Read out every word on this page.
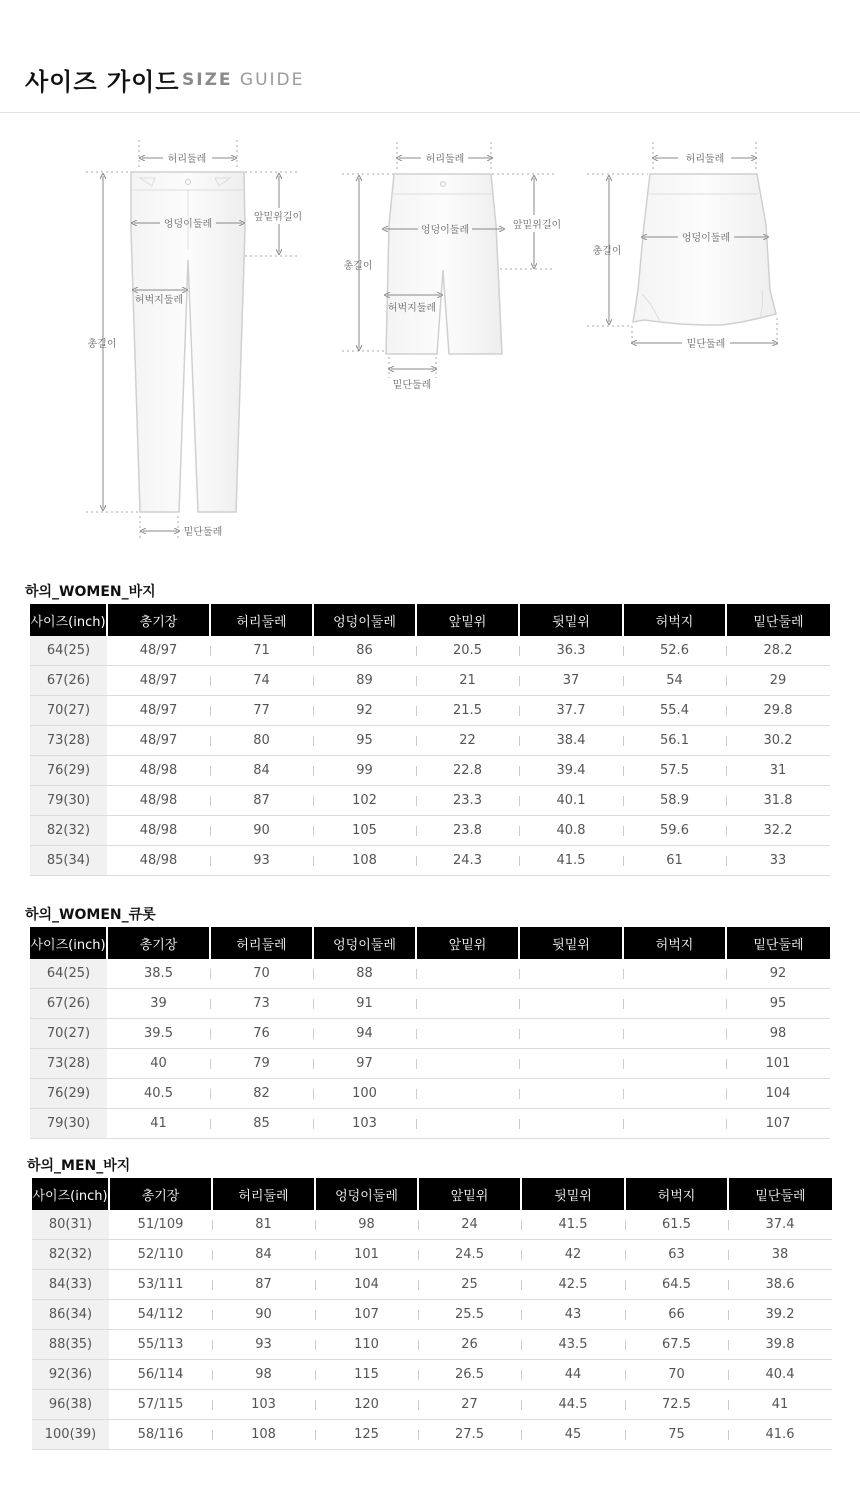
사이즈 가이드 SIZE GUIDE
허리둘레
엉덩이둘레
앞밑위길이
허벅지둘레
총길이
밑단둘레
허리둘레
엉덩이둘레	앞밑위길이
허벅지둘레
총길이
밑단둘레
허리둘레
엉덩이둘레
총길이
밑단둘레
하의_WOMEN_바지
사이즈(inch)	총기장	허리둘레	엉덩이둘레	앞밑위	뒷밑위	허벅지	밑단둘레
64(25)	48/97	71	86	20.5	36.3	52.6	28.2
67(26)	48/97	74	89	21	37	54	29
70(27)	48/97	77	92	21.5	37.7	55.4	29.8
73(28)	48/97	80	95	22	38.4	56.1	30.2
76(29)	48/98	84	99	22.8	39.4	57.5	31
79(30)	48/98	87	102	23.3	40.1	58.9	31.8
82(32)	48/98	90	105	23.8	40.8	59.6	32.2
85(34)	48/98	93	108	24.3	41.5	61	33
하의_WOMEN_큐롯
사이즈(inch)	총기장	허리둘레	엉덩이둘레	앞밑위	뒷밑위	허벅지	밑단둘레
64(25)	38.5	70	88				92
67(26)	39	73	91				95
70(27)	39.5	76	94				98
73(28)	40	79	97				101
76(29)	40.5	82	100				104
79(30)	41	85	103				107
하의_MEN_바지
사이즈(inch)	총기장	허리둘레	엉덩이둘레	앞밑위	뒷밑위	허벅지	밑단둘레
80(31)	51/109	81	98	24	41.5	61.5	37.4
82(32)	52/110	84	101	24.5	42	63	38
84(33)	53/111	87	104	25	42.5	64.5	38.6
86(34)	54/112	90	107	25.5	43	66	39.2
88(35)	55/113	93	110	26	43.5	67.5	39.8
92(36)	56/114	98	115	26.5	44	70	40.4
96(38)	57/115	103	120	27	44.5	72.5	41
100(39)	58/116	108	125	27.5	45	75	41.6
